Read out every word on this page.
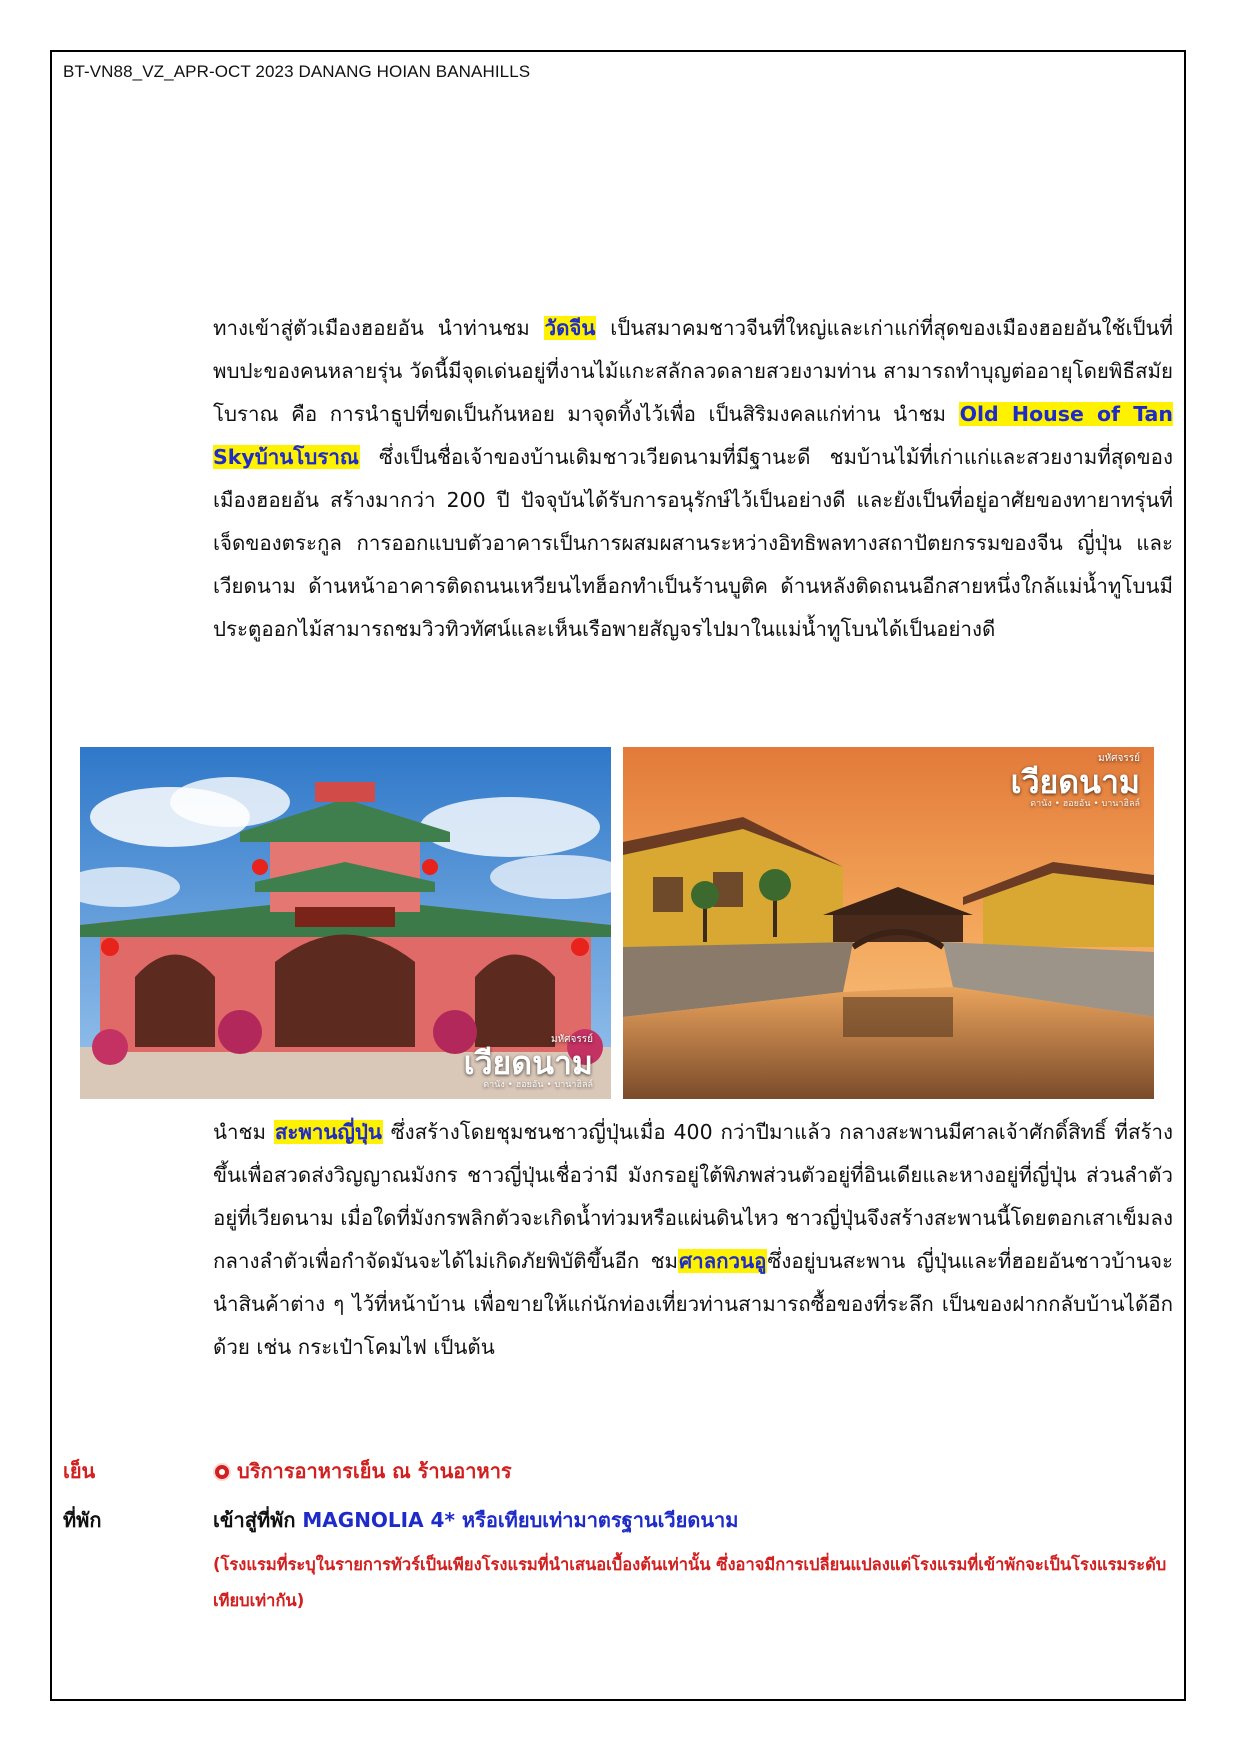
BT-VN88_VZ_APR-OCT 2023 DANANG HOIAN BANAHILLS
ทางเข้าสู่ตัวเมืองฮอยอัน นำท่านชม วัดจีน เป็นสมาคมชาวจีนที่ใหญ่และเก่าแก่ที่สุดของเมืองฮอยอันใช้เป็นที่พบปะของคนหลายรุ่น วัดนี้มีจุดเด่นอยู่ที่งานไม้แกะสลักลวดลายสวยงามท่าน สามารถทำบุญต่ออายุโดยพิธีสมัยโบราณ คือ การนำธูปที่ขดเป็นก้นหอย มาจุดทิ้งไว้เพื่อ เป็นสิริมงคลแก่ท่าน นำชม Old House of Tan Skyบ้านโบราณ ซึ่งเป็นชื่อเจ้าของบ้านเดิมชาวเวียดนามที่มีฐานะดี ชมบ้านไม้ที่เก่าแก่และสวยงามที่สุดของเมืองฮอยอัน สร้างมากว่า 200 ปี ปัจจุบันได้รับการอนุรักษ์ไว้เป็นอย่างดี และยังเป็นที่อยู่อาศัยของทายาทรุ่นที่เจ็ดของตระกูล การออกแบบตัวอาคารเป็นการผสมผสานระหว่างอิทธิพลทางสถาปัตยกรรมของจีน ญี่ปุ่น และเวียดนาม ด้านหน้าอาคารติดถนนเหวียนไทฮ็อกทำเป็นร้านบูติค ด้านหลังติดถนนอีกสายหนึ่งใกล้แม่น้ำทูโบนมีประตูออกไม้สามารถชมวิวทิวทัศน์และเห็นเรือพายสัญจรไปมาในแม่น้ำทูโบนได้เป็นอย่างดี
มหัศจรรย์
เวียดนาม
ดานัง • ฮอยอัน • บานาฮิลล์
มหัศจรรย์
เวียดนาม
ดานัง • ฮอยอัน • บานาฮิลล์
นำชม สะพานญี่ปุ่น ซึ่งสร้างโดยชุมชนชาวญี่ปุ่นเมื่อ 400 กว่าปีมาแล้ว กลางสะพานมีศาลเจ้าศักดิ์สิทธิ์ ที่สร้างขึ้นเพื่อสวดส่งวิญญาณมังกร ชาวญี่ปุ่นเชื่อว่ามี มังกรอยู่ใต้พิภพส่วนตัวอยู่ที่อินเดียและหางอยู่ที่ญี่ปุ่น ส่วนลำตัวอยู่ที่เวียดนาม เมื่อใดที่มังกรพลิกตัวจะเกิดน้ำท่วมหรือแผ่นดินไหว ชาวญี่ปุ่นจึงสร้างสะพานนี้โดยตอกเสาเข็มลงกลางลำตัวเพื่อกำจัดมันจะได้ไม่เกิดภัยพิบัติขึ้นอีก ชมศาลกวนอูซึ่งอยู่บนสะพาน ญี่ปุ่นและที่ฮอยอันชาวบ้านจะนำสินค้าต่าง ๆ ไว้ที่หน้าบ้าน เพื่อขายให้แก่นักท่องเที่ยวท่านสามารถซื้อของที่ระลึก เป็นของฝากกลับบ้านได้อีกด้วย เช่น กระเป๋าโคมไฟ เป็นต้น
เย็น	บริการอาหารเย็น ณ ร้านอาหาร
ที่พัก	เข้าสู่ที่พัก MAGNOLIA 4* หรือเทียบเท่ามาตรฐานเวียดนาม
(โรงแรมที่ระบุในรายการทัวร์เป็นเพียงโรงแรมที่นำเสนอเบื้องต้นเท่านั้น ซึ่งอาจมีการเปลี่ยนแปลงแต่โรงแรมที่เข้าพักจะเป็นโรงแรมระดับเทียบเท่ากัน)
